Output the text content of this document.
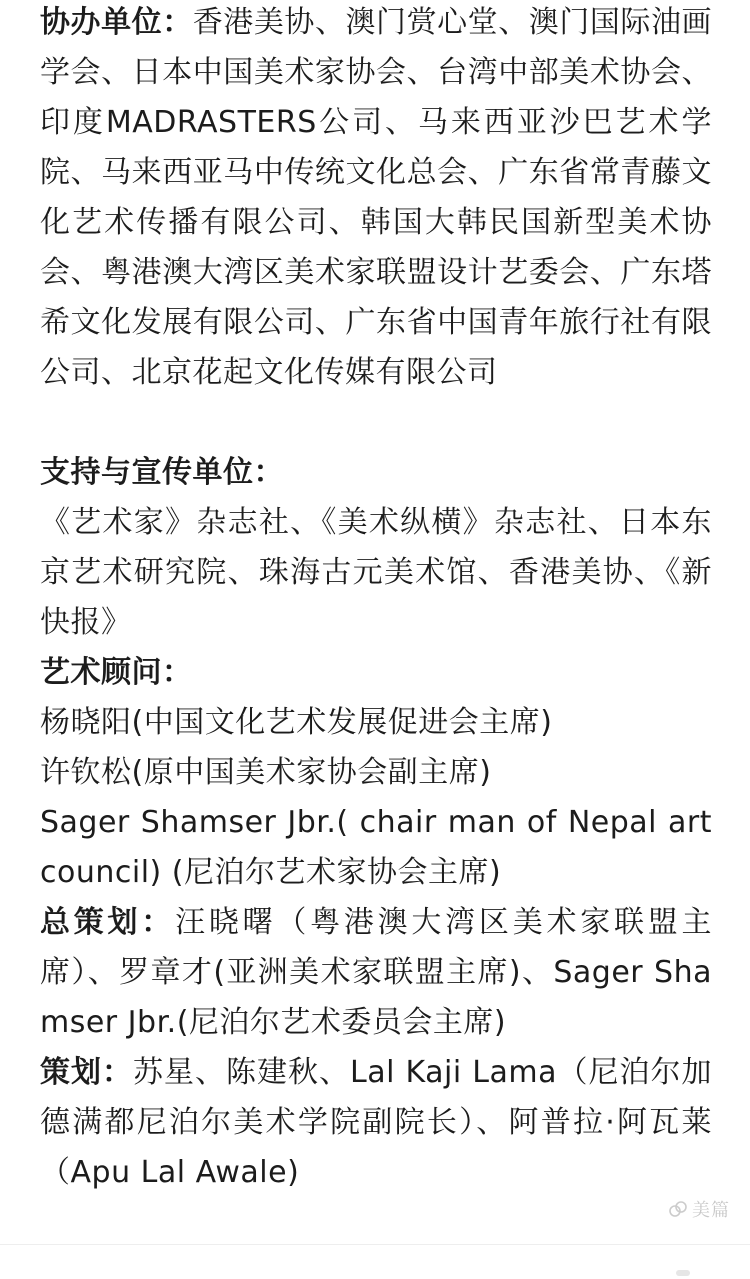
协办单位：香港美协、澳门赏心堂、澳门国际油画学会、日本中国美术家协会、台湾中部美术协会、印度MADRASTERS公司、马来西亚沙巴艺术学院、马来西亚马中传统文化总会、广东省常青藤文化艺术传播有限公司、韩国大韩民国新型美术协会、粤港澳大湾区美术家联盟设计艺委会、广东塔希文化发展有限公司、广东省中国青年旅行社有限公司、北京花起文化传媒有限公司

支持与宣传单位：

《艺术家》杂志社、《美术纵横》杂志社、日本东京艺术研究院、珠海古元美术馆、香港美协、《新快报》

艺术顾问：

杨晓阳(中国文化艺术发展促进会主席)

许钦松(原中国美术家协会副主席)

Sager Shamser Jbr.( chair man of Nepal art council) (尼泊尔艺术家协会主席)

总策划：汪晓曙（粤港澳大湾区美术家联盟主席）、罗章才(亚洲美术家联盟主席)、Sager Shamser Jbr.(尼泊尔艺术委员会主席)

策划：苏星、陈建秋、Lal Kaji Lama（尼泊尔加德满都尼泊尔美术学院副院长）、阿普拉·阿瓦莱（Apu Lal Awale)

美篇
